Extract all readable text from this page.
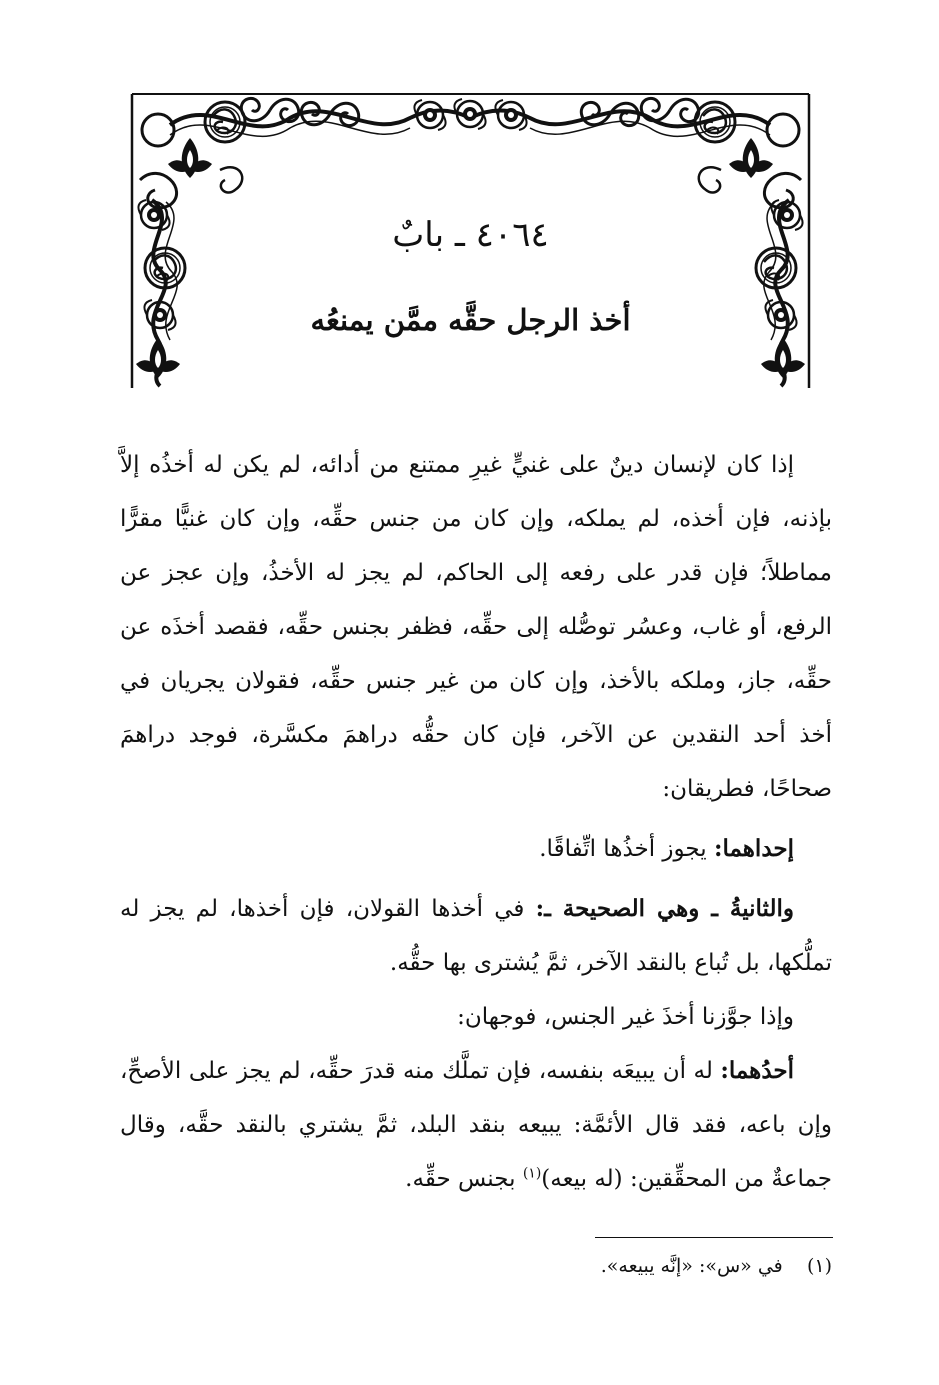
٤٠٦٤ ـ بابٌ
أخذ الرجل حقَّه ممَّن يمنعُه

إذا كان لإنسان دينٌ على غنيٍّ غيرِ ممتنع من أدائه، لم يكن له أخذُه إلاَّ بإذنه، فإن أخذه، لم يملكه، وإن كان من جنس حقِّه، وإن كان غنيًّا مقرًّا مماطلاً؛ فإن قدر على رفعه إلى الحاكم، لم يجز له الأخذُ، وإن عجز عن الرفع، أو غاب، وعسُر توصُّله إلى حقِّه، فظفر بجنس حقِّه، فقصد أخذَه عن حقِّه، جاز، وملكه بالأخذ، وإن كان من غير جنس حقِّه، فقولان يجريان في أخذ أحد النقدين عن الآخر، فإن كان حقُّه دراهمَ مكسَّرة، فوجد دراهمَ صحاحًا، فطريقان:

إحداهما: يجوز أخذُها اتِّفاقًا.

والثانيةُ ـ وهي الصحيحة ـ: في أخذها القولان، فإن أخذها، لم يجز له تملُّكها، بل تُباع بالنقد الآخر، ثمَّ يُشترى بها حقُّه.

وإذا جوَّزنا أخذَ غير الجنس، فوجهان:

أحدُهما: له أن يبيعَه بنفسه، فإن تملَّك منه قدرَ حقِّه، لم يجز على الأصحِّ، وإن باعه، فقد قال الأئمَّة: يبيعه بنقد البلد، ثمَّ يشتري بالنقد حقَّه، وقال جماعةٌ من المحقِّقين: (له بيعه)$^{(١)}$ بجنس حقِّه.

(١)    في «س»: «إنَّه يبيعه».
